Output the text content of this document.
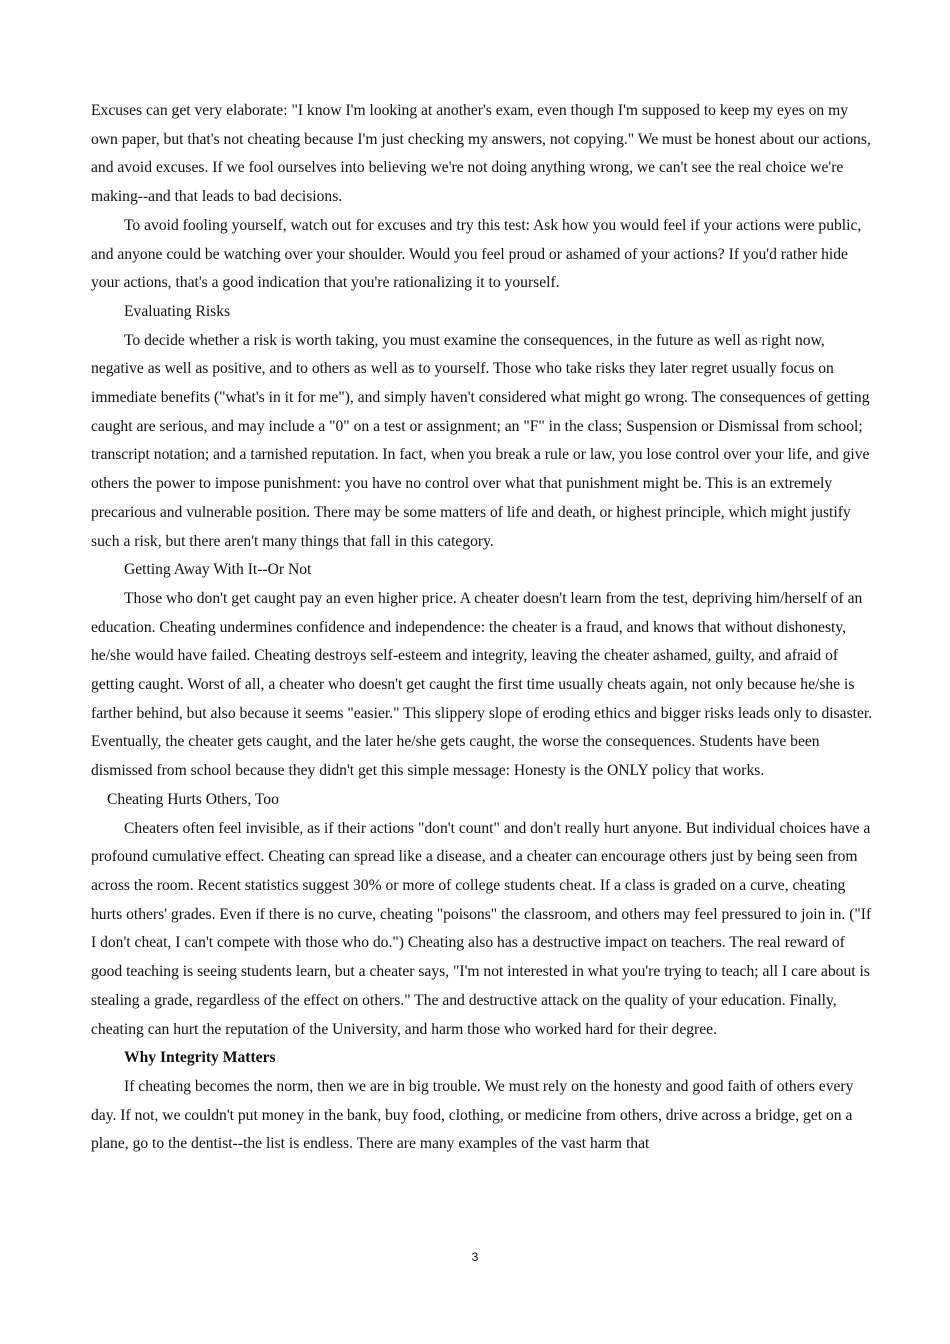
Excuses can get very elaborate: "I know I'm looking at another's exam, even though I'm supposed to keep my eyes on my own paper, but that's not cheating because I'm just checking my answers, not copying." We must be honest about our actions, and avoid excuses. If we fool ourselves into believing we're not doing anything wrong, we can't see the real choice we're making--and that leads to bad decisions.

To avoid fooling yourself, watch out for excuses and try this test: Ask how you would feel if your actions were public, and anyone could be watching over your shoulder. Would you feel proud or ashamed of your actions? If you'd rather hide your actions, that's a good indication that you're rationalizing it to yourself.

Evaluating Risks

To decide whether a risk is worth taking, you must examine the consequences, in the future as well as right now, negative as well as positive, and to others as well as to yourself. Those who take risks they later regret usually focus on immediate benefits ("what's in it for me"), and simply haven't considered what might go wrong. The consequences of getting caught are serious, and may include a "0" on a test or assignment; an "F" in the class; Suspension or Dismissal from school; transcript notation; and a tarnished reputation. In fact, when you break a rule or law, you lose control over your life, and give others the power to impose punishment: you have no control over what that punishment might be. This is an extremely precarious and vulnerable position. There may be some matters of life and death, or highest principle, which might justify such a risk, but there aren't many things that fall in this category.

Getting Away With It--Or Not

Those who don't get caught pay an even higher price. A cheater doesn't learn from the test, depriving him/herself of an education. Cheating undermines confidence and independence: the cheater is a fraud, and knows that without dishonesty, he/she would have failed. Cheating destroys self-esteem and integrity, leaving the cheater ashamed, guilty, and afraid of getting caught. Worst of all, a cheater who doesn't get caught the first time usually cheats again, not only because he/she is farther behind, but also because it seems "easier." This slippery slope of eroding ethics and bigger risks leads only to disaster. Eventually, the cheater gets caught, and the later he/she gets caught, the worse the consequences. Students have been dismissed from school because they didn't get this simple message: Honesty is the ONLY policy that works.

Cheating Hurts Others, Too

Cheaters often feel invisible, as if their actions "don't count" and don't really hurt anyone. But individual choices have a profound cumulative effect. Cheating can spread like a disease, and a cheater can encourage others just by being seen from across the room. Recent statistics suggest 30% or more of college students cheat. If a class is graded on a curve, cheating hurts others' grades. Even if there is no curve, cheating "poisons" the classroom, and others may feel pressured to join in. ("If I don't cheat, I can't compete with those who do.") Cheating also has a destructive impact on teachers. The real reward of good teaching is seeing students learn, but a cheater says, "I'm not interested in what you're trying to teach; all I care about is stealing a grade, regardless of the effect on others." The and destructive attack on the quality of your education. Finally, cheating can hurt the reputation of the University, and harm those who worked hard for their degree.

Why Integrity Matters

If cheating becomes the norm, then we are in big trouble. We must rely on the honesty and good faith of others every day. If not, we couldn't put money in the bank, buy food, clothing, or medicine from others, drive across a bridge, get on a plane, go to the dentist--the list is endless. There are many examples of the vast harm that

3
